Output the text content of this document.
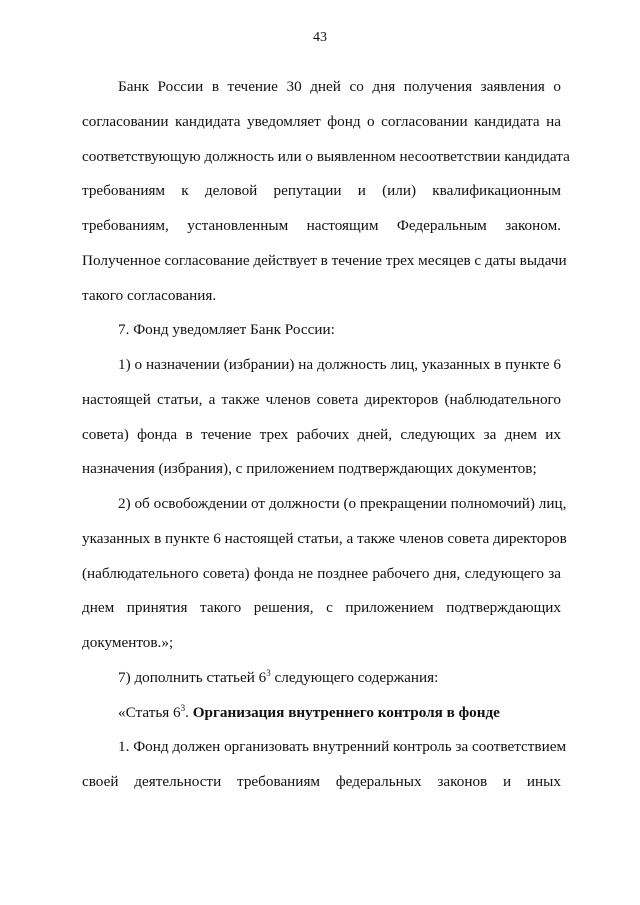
43
Банк России в течение 30 дней со дня получения заявления о
согласовании кандидата уведомляет фонд о согласовании кандидата на
соответствующую должность или о выявленном несоответствии кандидата
требованиям к деловой репутации и (или) квалификационным
требованиям, установленным настоящим Федеральным законом.
Полученное согласование действует в течение трех месяцев с даты выдачи
такого согласования.
7. Фонд уведомляет Банк России:
1) о назначении (избрании) на должность лиц, указанных в пункте 6
настоящей статьи, а также членов совета директоров (наблюдательного
совета) фонда в течение трех рабочих дней, следующих за днем их
назначения (избрания), с приложением подтверждающих документов;
2) об освобождении от должности (о прекращении полномочий) лиц,
указанных в пункте 6 настоящей статьи, а также членов совета директоров
(наблюдательного совета) фонда не позднее рабочего дня, следующего за
днем принятия такого решения, с приложением подтверждающих
документов.»;
7) дополнить статьей $6^3$ следующего содержания:
«Статья $6^3$. Организация внутреннего контроля в фонде
1. Фонд должен организовать внутренний контроль за соответствием
своей деятельности требованиям федеральных законов и иных
